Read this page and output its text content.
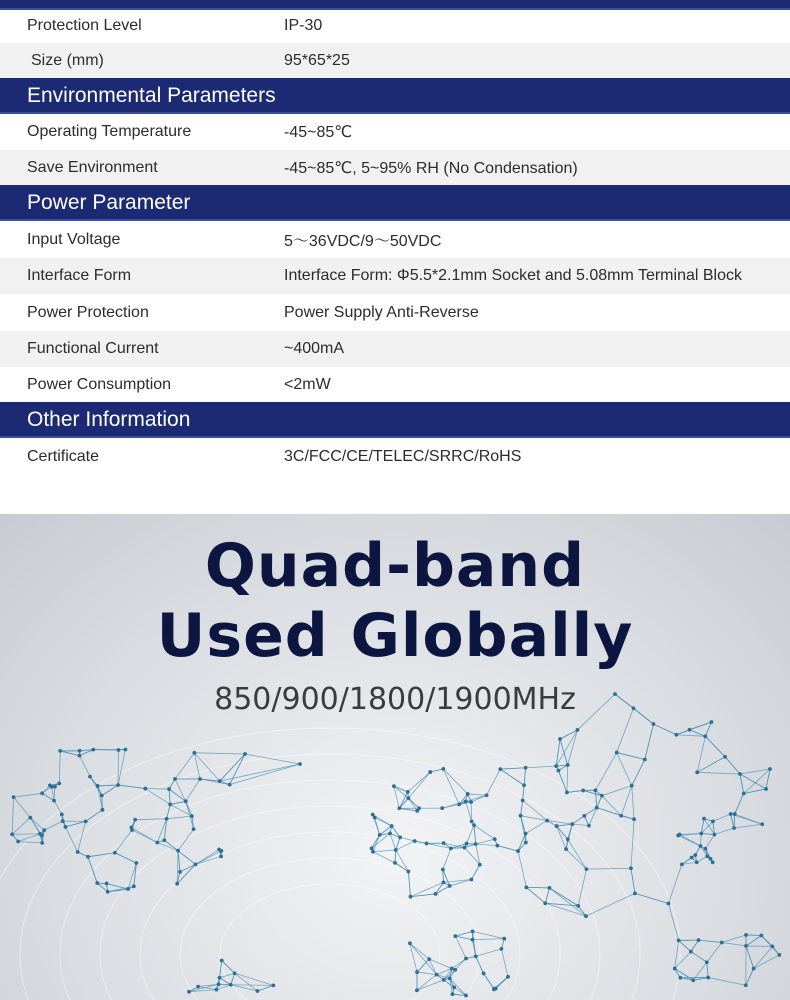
Protection Level	IP-30
Size (mm)	95*65*25
Environmental Parameters
Operating Temperature	-45~85℃
Save Environment	-45~85℃, 5~95% RH (No Condensation)
Power Parameter
Input Voltage	5～36VDC/9～50VDC
Interface Form	Interface Form: Φ5.5*2.1mm Socket and 5.08mm Terminal Block
Power Protection	Power Supply Anti-Reverse
Functional Current	~400mA
Power Consumption	<2mW
Other Information
Certificate	3C/FCC/CE/TELEC/SRRC/RoHS
Quad-band
Used Globally
850/900/1800/1900MHz
